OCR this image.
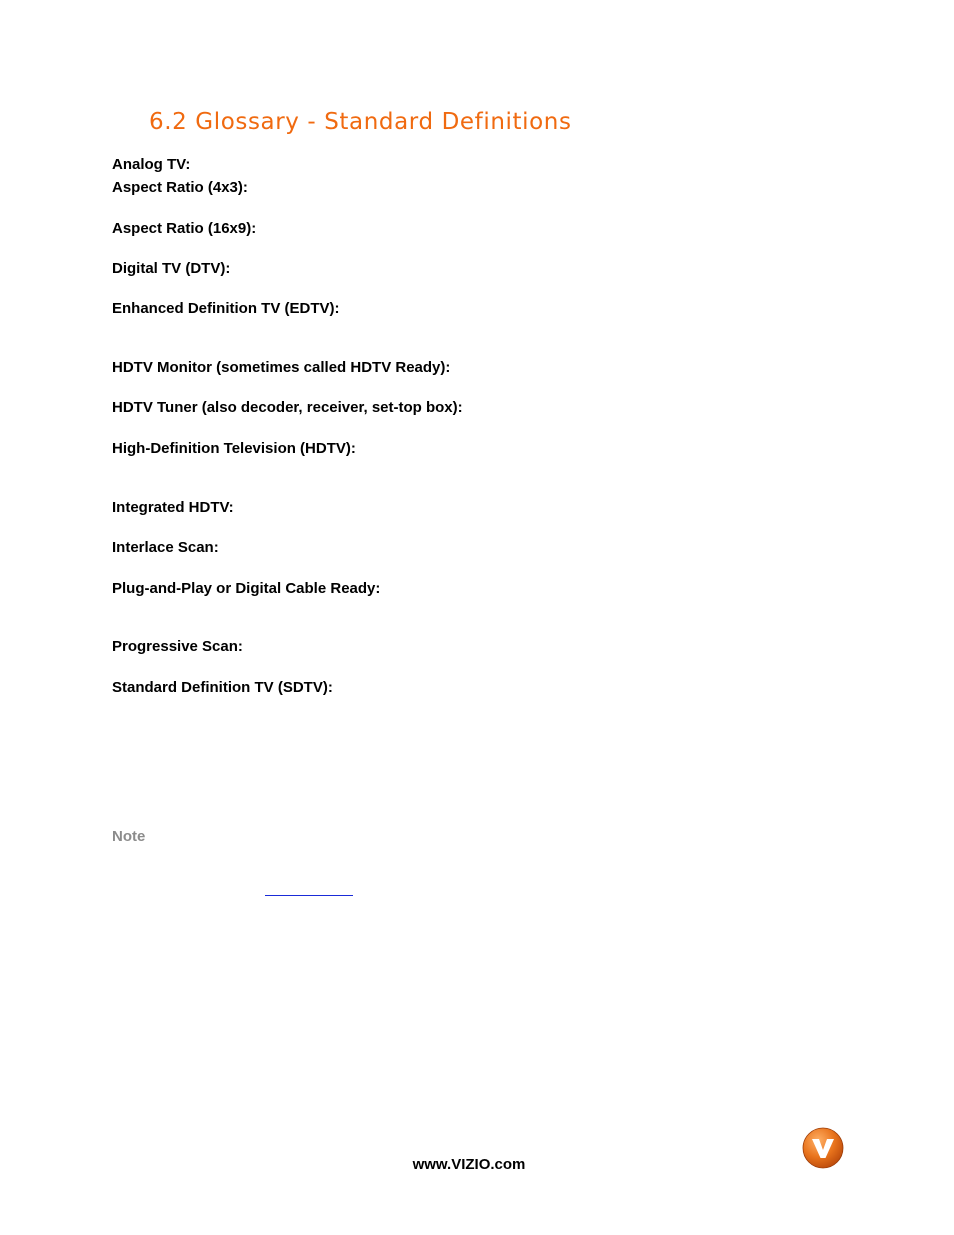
6.2 Glossary - Standard Definitions

Analog TV:

Aspect Ratio (4x3):

Aspect Ratio (16x9):

Digital TV (DTV):

Enhanced Definition TV (EDTV):

HDTV Monitor (sometimes called HDTV Ready):

HDTV Tuner (also decoder, receiver, set-top box):

High-Definition Television (HDTV):

Integrated HDTV:

Interlace Scan:

Plug-and-Play or Digital Cable Ready:

Progressive Scan:

Standard Definition TV (SDTV):

Note

www.VIZIO.com
